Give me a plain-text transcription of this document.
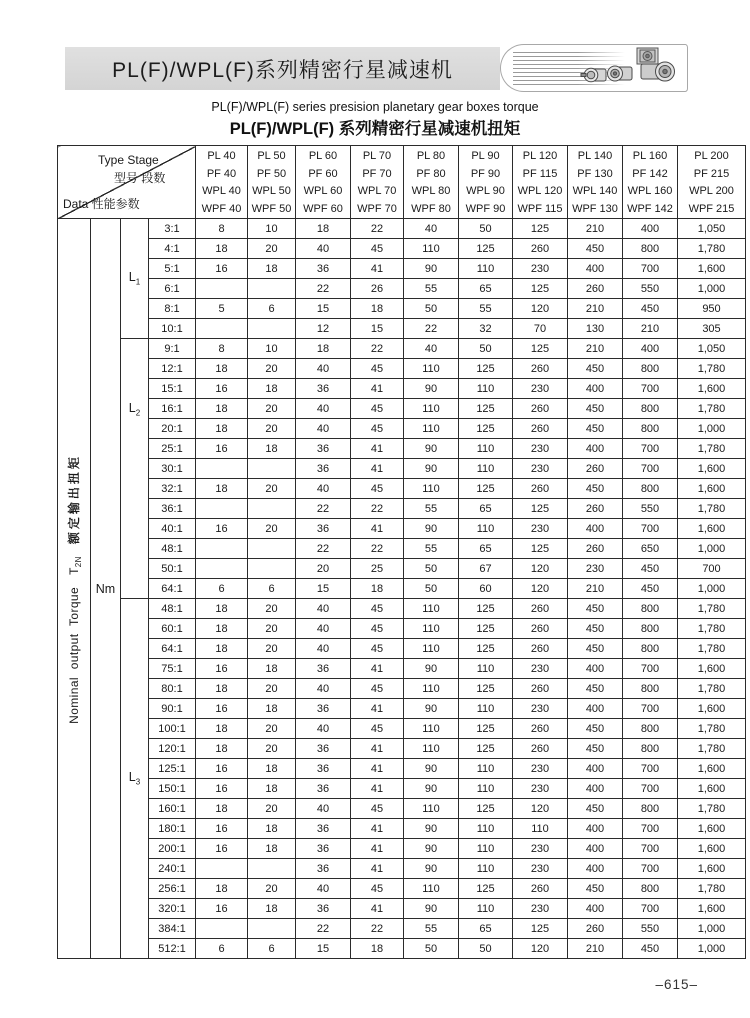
PL(F)/WPL(F)系列精密行星减速机
PL(F)/WPL(F) series presision planetary gear boxes torque
PL(F)/WPL(F) 系列精密行星减速机扭矩
Type Stage
型号 段数
Data 性能参数

PL 40
PF 40
WPL 40
WPF 40

PL 50
PF 50
WPL 50
WPF 50

PL 60
PF 60
WPL 60
WPF 60

PL 70
PF 70
WPL 70
WPF 70

PL 80
PF 80
WPL 80
WPF 80

PL 90
PF 90
WPL 90
WPF 90

PL 120
PF 115
WPL 120
WPF 115

PL 140
PF 130
WPL 140
WPF 130

PL 160
PF 142
WPL 160
WPF 142

PL 200
PF 215
WPL 200
WPF 215

Nominal output TorqueT$_{2N}$额定输出扭矩	Nm	$L_1$	3:1	8	10	18	22	40	50	125	210	400	1,050
			4:1	18	20	40	45	110	125	260	450	800	1,780
			5:1	16	18	36	41	90	110	230	400	700	1,600
			6:1			22	26	55	65	125	260	550	1,000
			8:1	5	6	15	18	50	55	120	210	450	950
			10:1			12	15	22	32	70	130	210	305

		$L_2$	9:1	8	10	18	22	40	50	125	210	400	1,050
			12:1	18	20	40	45	110	125	260	450	800	1,780
			15:1	16	18	36	41	90	110	230	400	700	1,600
			16:1	18	20	40	45	110	125	260	450	800	1,780
			20:1	18	20	40	45	110	125	260	450	800	1,000
			25:1	16	18	36	41	90	110	230	400	700	1,780
			30:1			36	41	90	110	230	260	700	1,600
			32:1	18	20	40	45	110	125	260	450	800	1,600
			36:1			22	22	55	65	125	260	550	1,780
			40:1	16	20	36	41	90	110	230	400	700	1,600
			48:1			22	22	55	65	125	260	650	1,000
			50:1			20	25	50	67	120	230	450	700
			64:1	6	6	15	18	50	60	120	210	450	1,000

		$L_3$	48:1	18	20	40	45	110	125	260	450	800	1,780
			60:1	18	20	40	45	110	125	260	450	800	1,780
			64:1	18	20	40	45	110	125	260	450	800	1,780
			75:1	16	18	36	41	90	110	230	400	700	1,600
			80:1	18	20	40	45	110	125	260	450	800	1,780
			90:1	16	18	36	41	90	110	230	400	700	1,600
			100:1	18	20	40	45	110	125	260	450	800	1,780
			120:1	18	20	36	41	110	125	260	450	800	1,780
			125:1	16	18	36	41	90	110	230	400	700	1,600
			150:1	16	18	36	41	90	110	230	400	700	1,600
			160:1	18	20	40	45	110	125	120	450	800	1,780
			180:1	16	18	36	41	90	110	110	400	700	1,600
			200:1	16	18	36	41	90	110	230	400	700	1,600
			240:1			36	41	90	110	230	400	700	1,600
			256:1	18	20	40	45	110	125	260	450	800	1,780
			320:1	16	18	36	41	90	110	230	400	700	1,600
			384:1			22	22	55	65	125	260	550	1,000
			512:1	6	6	15	18	50	50	120	210	450	1,000
–615–
